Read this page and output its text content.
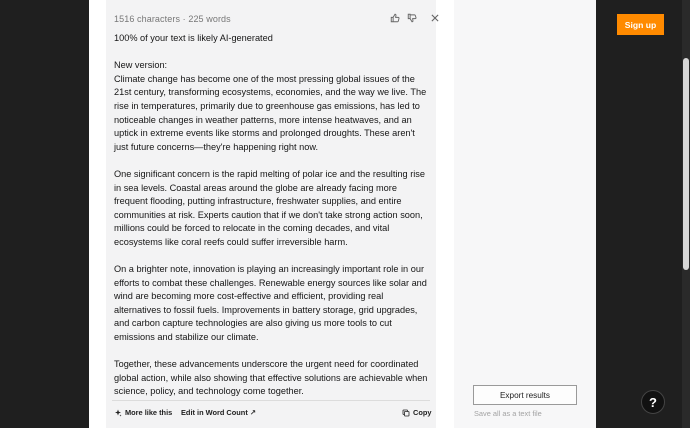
1516 characters · 225 words

100% of your text is likely AI-generated

New version:

Climate change has become one of the most pressing global issues of the 21st century, transforming ecosystems, economies, and the way we live. The rise in temperatures, primarily due to greenhouse gas emissions, has led to noticeable changes in weather patterns, more intense heatwaves, and an uptick in extreme events like storms and prolonged droughts. These aren't just future concerns—they're happening right now.

One significant concern is the rapid melting of polar ice and the resulting rise in sea levels. Coastal areas around the globe are already facing more frequent flooding, putting infrastructure, freshwater supplies, and entire communities at risk. Experts caution that if we don't take strong action soon, millions could be forced to relocate in the coming decades, and vital ecosystems like coral reefs could suffer irreversible harm.

On a brighter note, innovation is playing an increasingly important role in our efforts to combat these challenges. Renewable energy sources like solar and wind are becoming more cost-effective and efficient, providing real alternatives to fossil fuels. Improvements in battery storage, grid upgrades, and carbon capture technologies are also giving us more tools to cut emissions and stabilize our climate.

Together, these advancements underscore the urgent need for coordinated global action, while also showing that effective solutions are achievable when science, policy, and technology come together.

More like this Edit in Word Count ↗	Copy
Export results
Save all as a text file
Sign up
?
